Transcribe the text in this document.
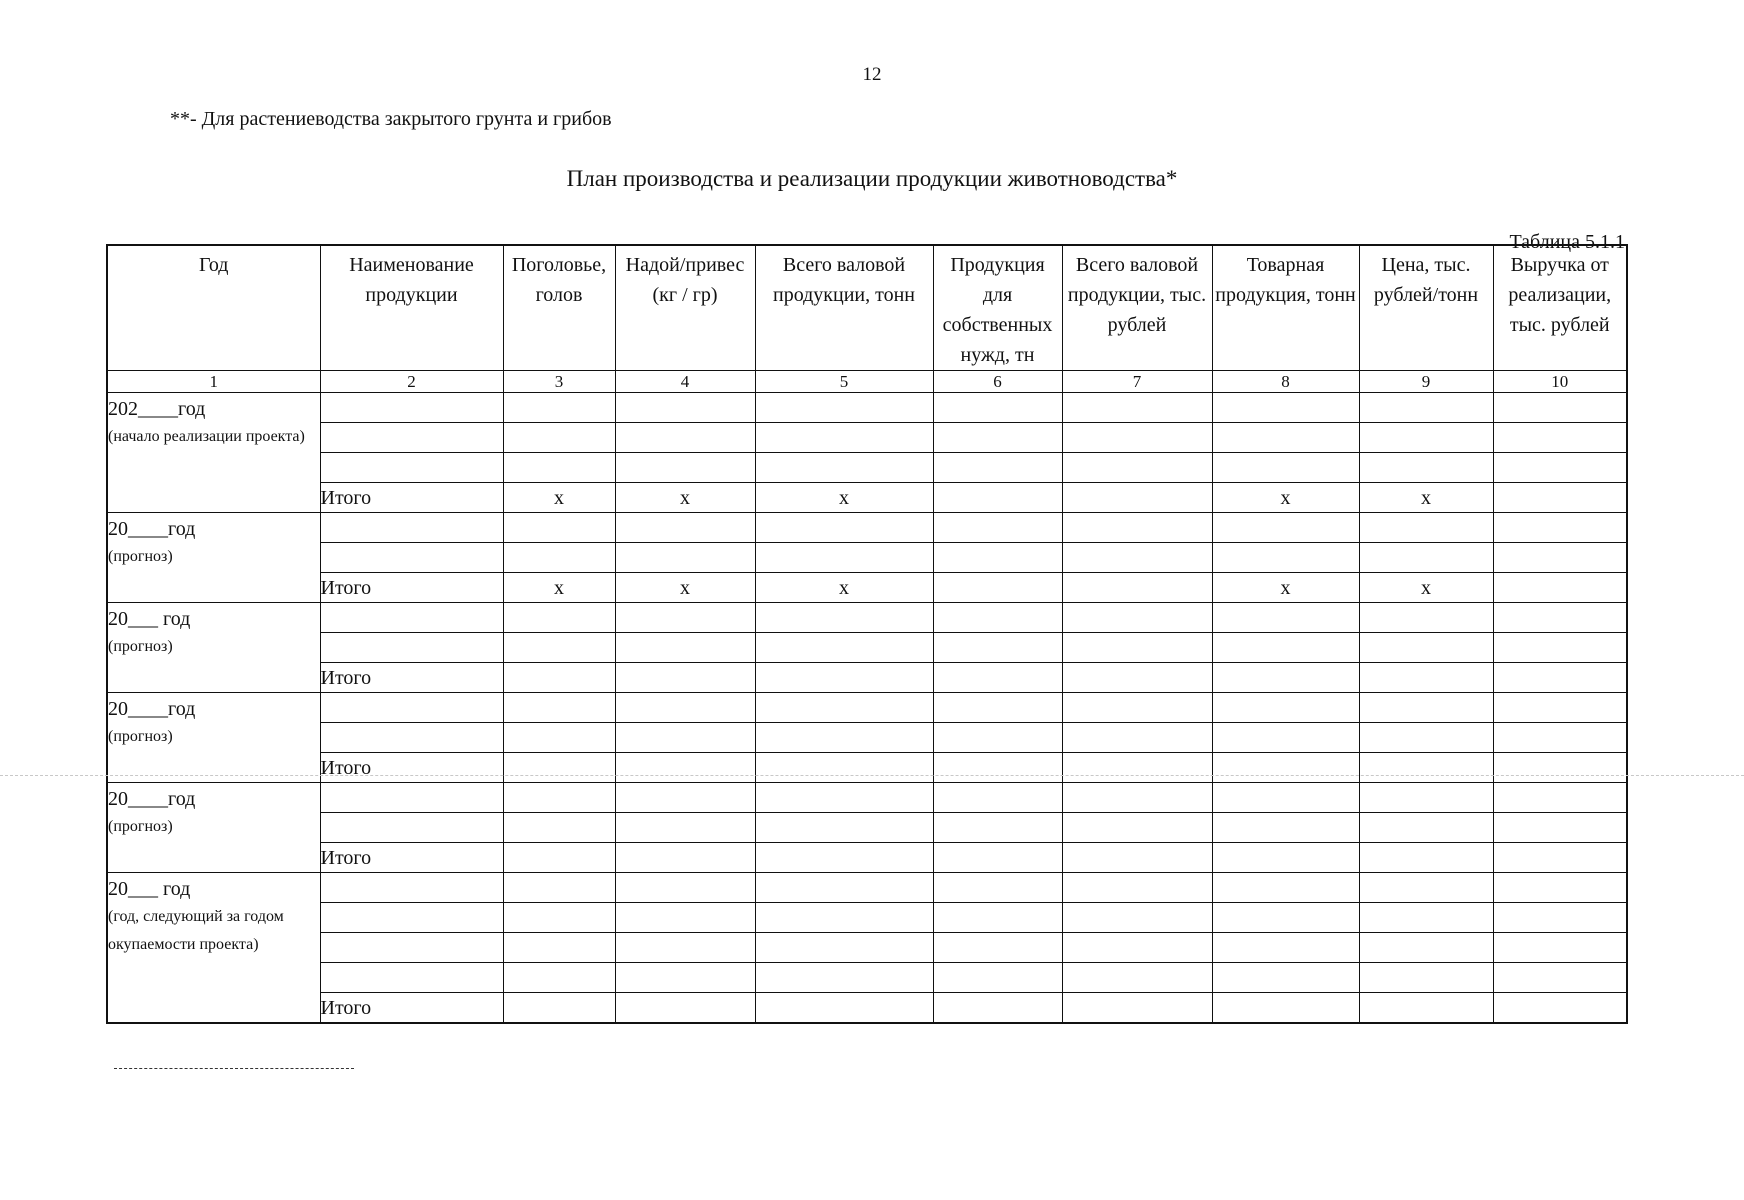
12
**- Для растениеводства закрытого грунта и грибов
План производства и реализации продукции животноводства*
Таблица 5.1.1
Год	Наименование продукции	Поголовье, голов	Надой/привес (кг / гр)	Всего валовой продукции, тонн	Продукция для собственных нужд, тн	Всего валовой продукции, тыс. рублей	Товарная продукция, тонн	Цена, тыс. рублей/тонн	Выручка от реализации, тыс. рублей
1	2	3	4	5	6	7	8	9	10

202____год
(начало реализации проекта)									

	Итого	х	х	х			х	х	

20____год
(прогноз)									

	Итого	х	х	х			х	х	

20___ год
(прогноз)									

	Итого								

20____год
(прогноз)									

	Итого								

20____год
(прогноз)									

	Итого								

20___ год
(год, следующий за годом окупаемости проекта)									

	Итого								
